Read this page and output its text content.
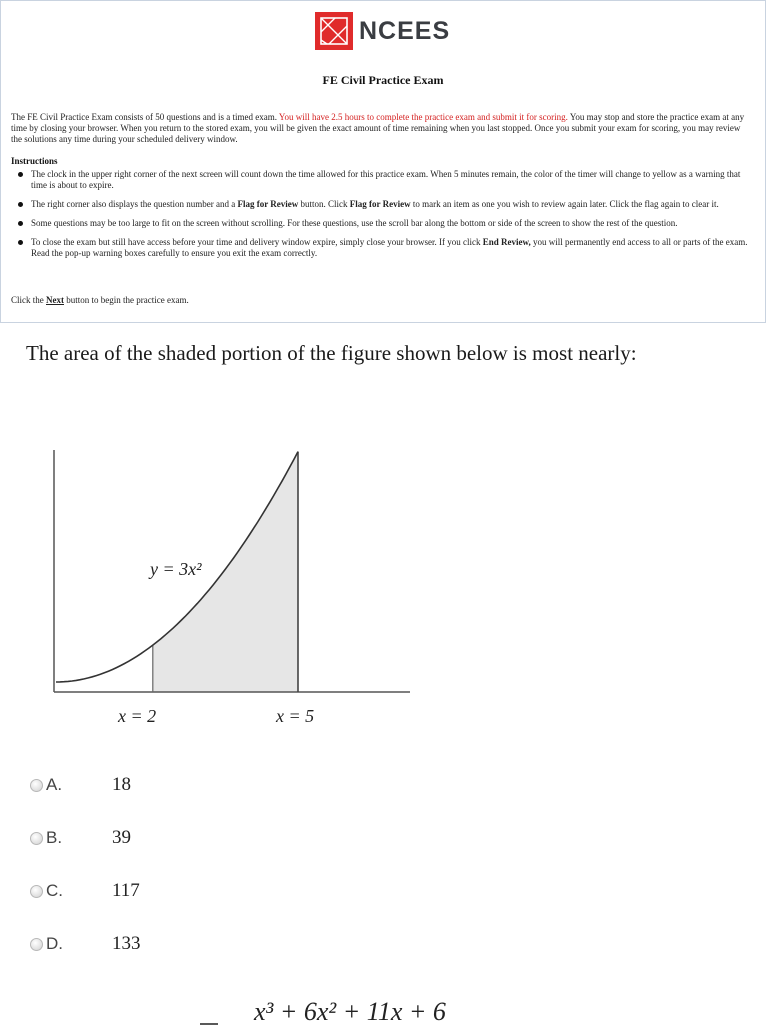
NCEES
FE Civil Practice Exam
The FE Civil Practice Exam consists of 50 questions and is a timed exam. You will have 2.5 hours to complete the practice exam and submit it for scoring. You may stop and store the practice exam at any time by closing your browser. When you return to the stored exam, you will be given the exact amount of time remaining when you last stopped. Once you submit your exam for scoring, you may review the solutions any time during your scheduled delivery window.
Instructions
The clock in the upper right corner of the next screen will count down the time allowed for this practice exam. When 5 minutes remain, the color of the timer will change to yellow as a warning that time is about to expire.
The right corner also displays the question number and a Flag for Review button. Click Flag for Review to mark an item as one you wish to review again later. Click the flag again to clear it.
Some questions may be too large to fit on the screen without scrolling. For these questions, use the scroll bar along the bottom or side of the screen to show the rest of the question.
To close the exam but still have access before your time and delivery window expire, simply close your browser. If you click End Review, you will permanently end access to all or parts of the exam. Read the pop-up warning boxes carefully to ensure you exit the exam correctly.
Click the Next button to begin the practice exam.
The area of the shaded portion of the figure shown below is most nearly:
y = 3x²
x = 2	x = 5
A.	18
B.	39
C.	117
D.	133
x³ + 6x² + 11x + 6
